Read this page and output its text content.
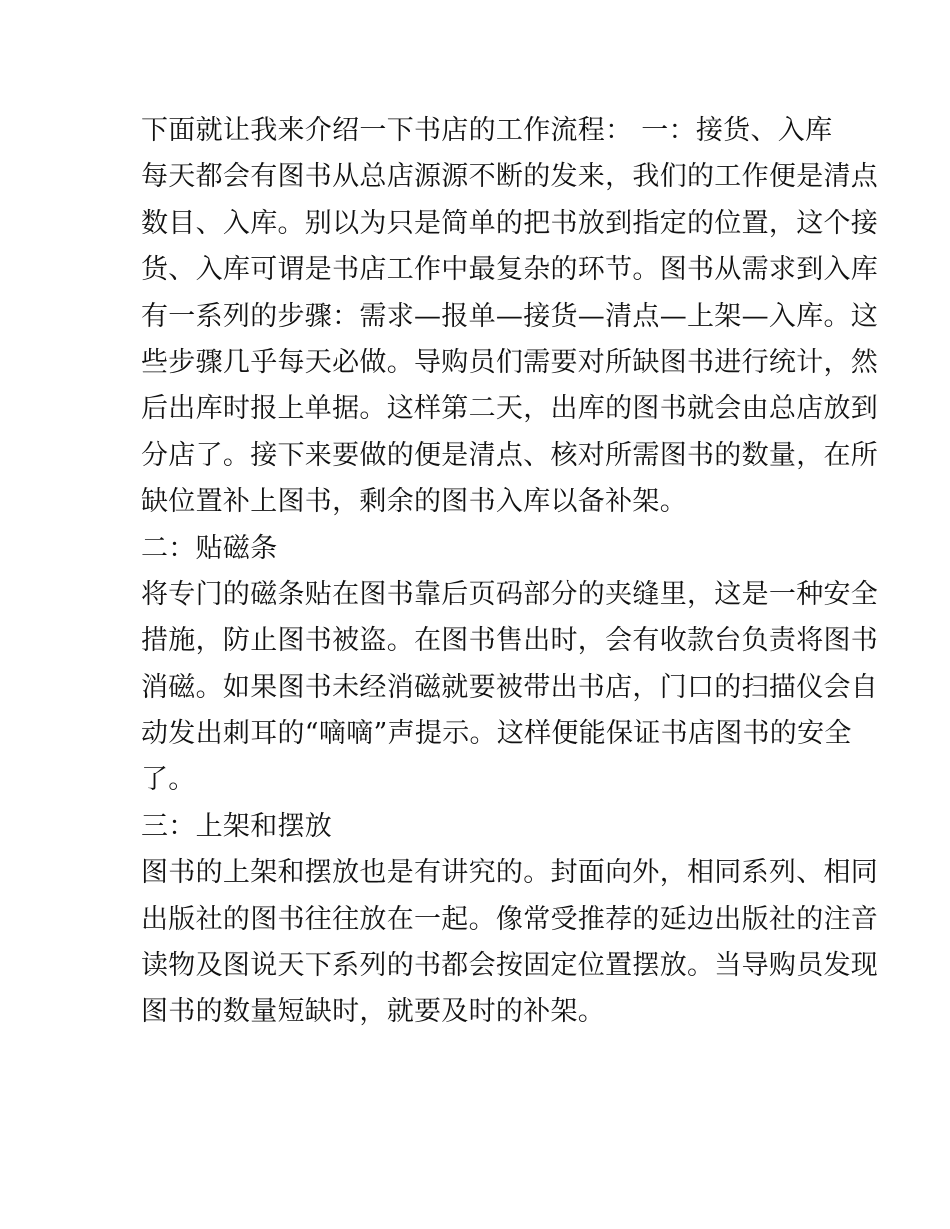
下面就让我来介绍一下书店的工作流程： 一：接货、入库
每天都会有图书从总店源源不断的发来，我们的工作便是清点
数目、入库。别以为只是简单的把书放到指定的位置，这个接
货、入库可谓是书店工作中最复杂的环节。图书从需求到入库
有一系列的步骤：需求—报单—接货—清点—上架—入库。这
些步骤几乎每天必做。导购员们需要对所缺图书进行统计，然
后出库时报上单据。这样第二天，出库的图书就会由总店放到
分店了。接下来要做的便是清点、核对所需图书的数量，在所
缺位置补上图书，剩余的图书入库以备补架。
二：贴磁条
将专门的磁条贴在图书靠后页码部分的夹缝里，这是一种安全
措施，防止图书被盗。在图书售出时，会有收款台负责将图书
消磁。如果图书未经消磁就要被带出书店，门口的扫描仪会自
动发出刺耳的“嘀嘀”声提示。这样便能保证书店图书的安全
了。
三：上架和摆放
图书的上架和摆放也是有讲究的。封面向外，相同系列、相同
出版社的图书往往放在一起。像常受推荐的延边出版社的注音
读物及图说天下系列的书都会按固定位置摆放。当导购员发现
图书的数量短缺时，就要及时的补架。
